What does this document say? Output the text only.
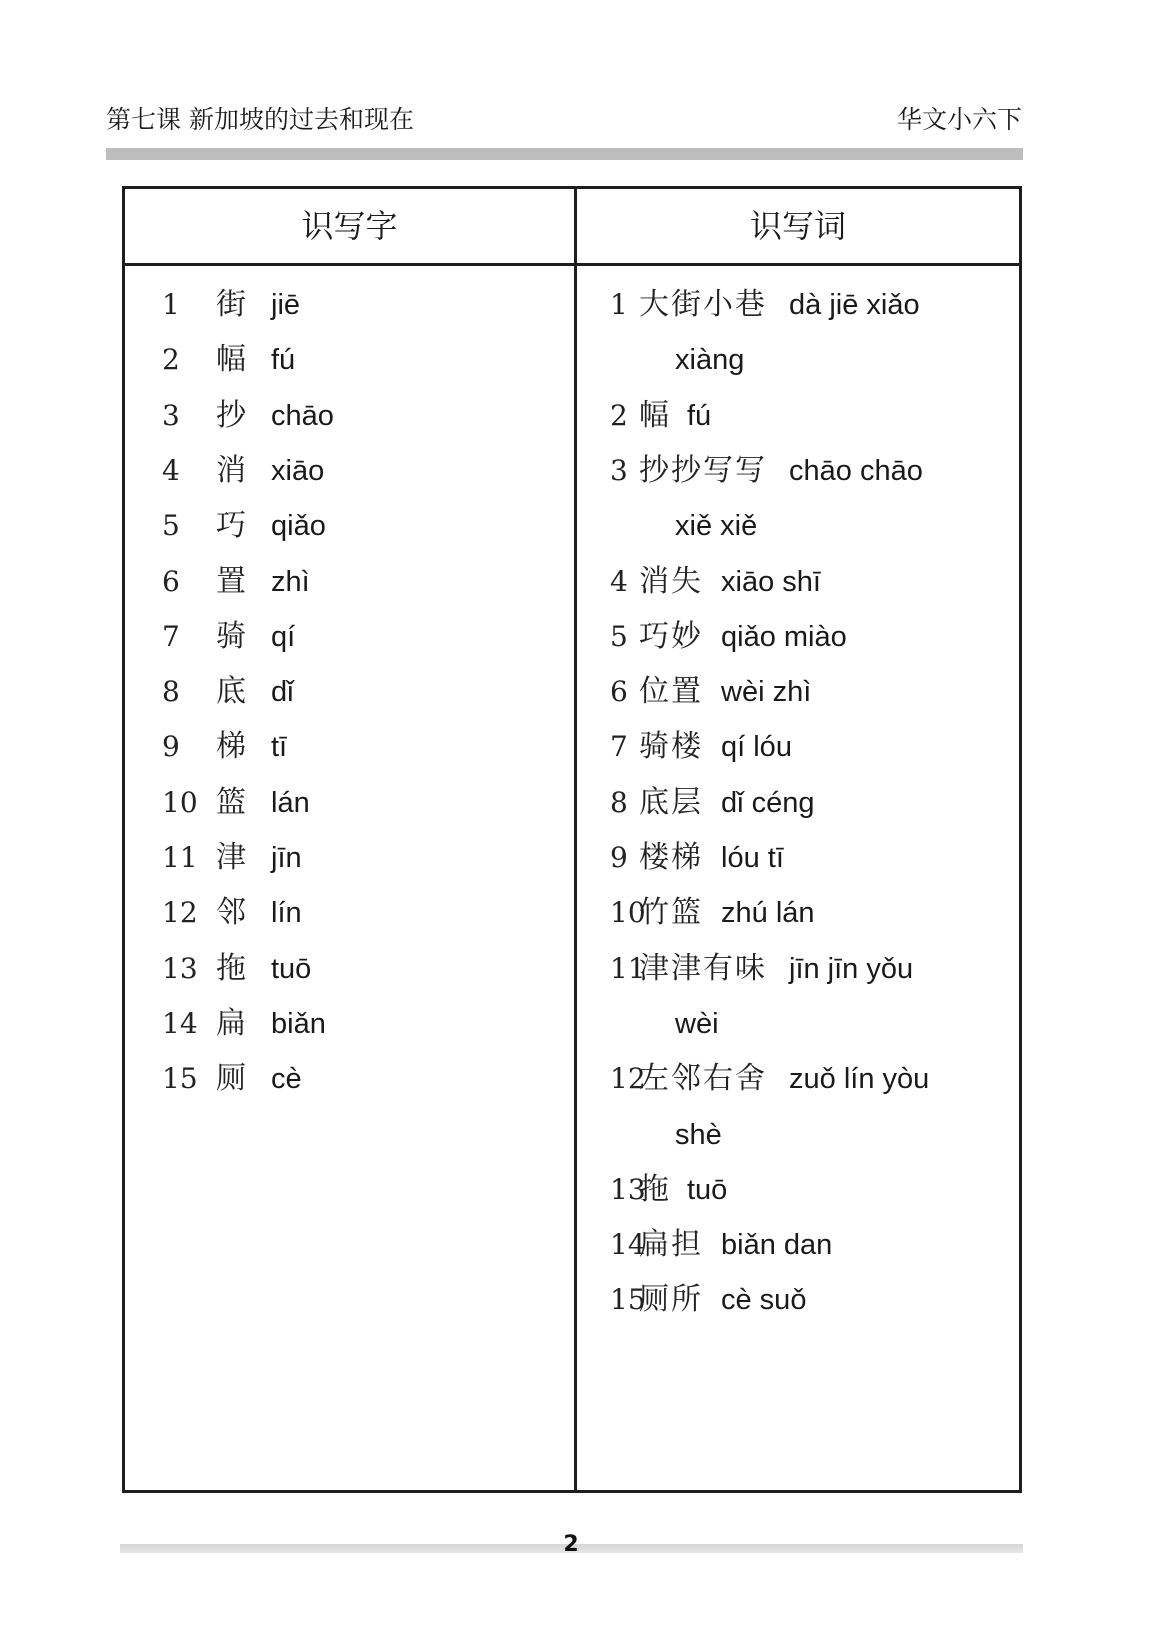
第七课 新加坡的过去和现在	华文小六下
识写字	识写词
1 街 jiē
2 幅 fú
3 抄 chāo
4 消 xiāo
5 巧 qiǎo
6 置 zhì
7 骑 qí
8 底 dǐ
9 梯 tī
10 篮 lán
11 津 jīn
12 邻 lín
13 拖 tuō
14 扁 biǎn
15 厕 cè
1 大街小巷 dà jiē xiǎo
xiàng
2 幅 fú
3 抄抄写写 chāo chāo
xiě xiě
4 消失 xiāo shī
5 巧妙 qiǎo miào
6 位置 wèi zhì
7 骑楼 qí lóu
8 底层 dǐ céng
9 楼梯 lóu tī
10
竹篮 zhú lán
11
津津有味 jīn jīn yǒu
wèi
12
左邻右舍 zuǒ lín yòu
shè
13
拖 tuō
14
扁担 biǎn dan
15
厕所 cè suǒ
2
